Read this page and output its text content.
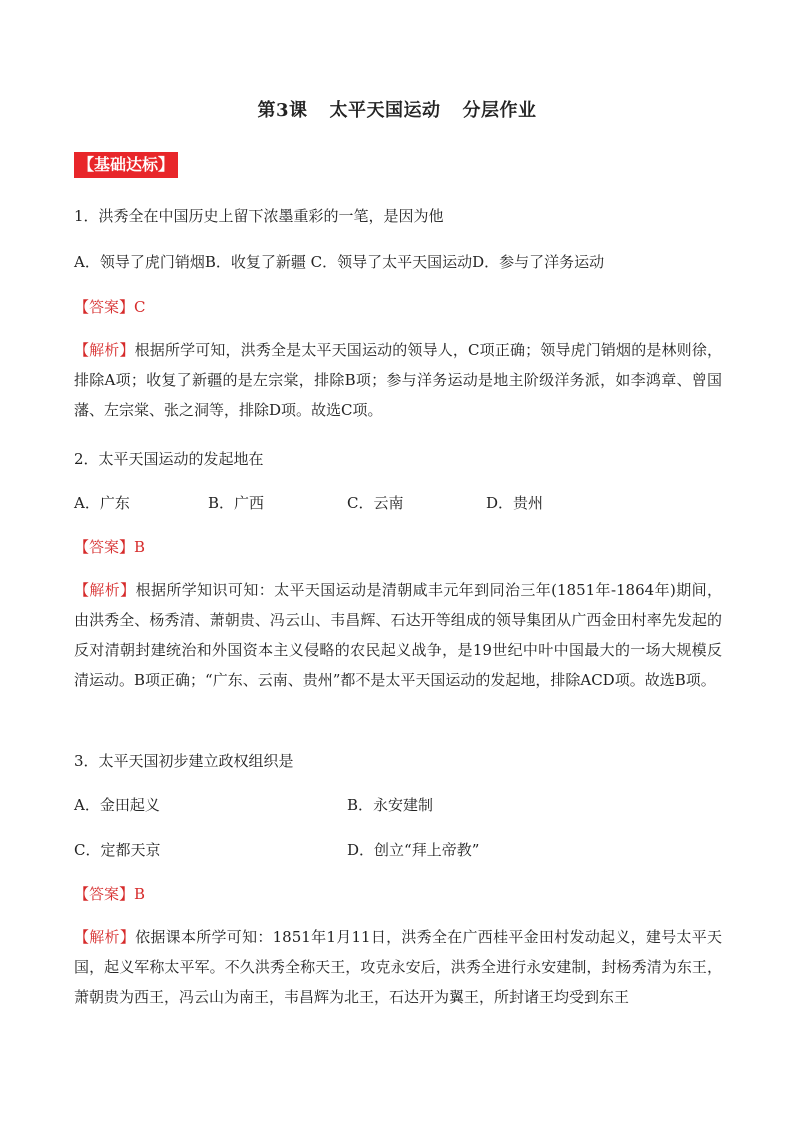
第3课 太平天国运动 分层作业
【基础达标】
1．洪秀全在中国历史上留下浓墨重彩的一笔，是因为他
A．领导了虎门销烟B．收复了新疆 C．领导了太平天国运动D．参与了洋务运动
【答案】C
【解析】根据所学可知，洪秀全是太平天国运动的领导人，C项正确；领导虎门销烟的是林则徐，排除A项；收复了新疆的是左宗棠，排除B项；参与洋务运动是地主阶级洋务派，如李鸿章、曾国藩、左宗棠、张之洞等，排除D项。故选C项。
2．太平天国运动的发起地在
A．广东	B．广西	C．云南	D．贵州
【答案】B
【解析】根据所学知识可知：太平天国运动是清朝咸丰元年到同治三年(1851年-1864年)期间，由洪秀全、杨秀清、萧朝贵、冯云山、韦昌辉、石达开等组成的领导集团从广西金田村率先发起的反对清朝封建统治和外国资本主义侵略的农民起义战争，是19世纪中叶中国最大的一场大规模反清运动。B项正确；“广东、云南、贵州”都不是太平天国运动的发起地，排除ACD项。故选B项。
3．太平天国初步建立政权组织是
A．金田起义	B．永安建制
C．定都天京	D．创立“拜上帝教”
【答案】B
【解析】依据课本所学可知：1851年1月11日，洪秀全在广西桂平金田村发动起义，建号太平天国，起义军称太平军。不久洪秀全称天王，攻克永安后，洪秀全进行永安建制，封杨秀清为东王，萧朝贵为西王，冯云山为南王，韦昌辉为北王，石达开为翼王，所封诸王均受到东王
